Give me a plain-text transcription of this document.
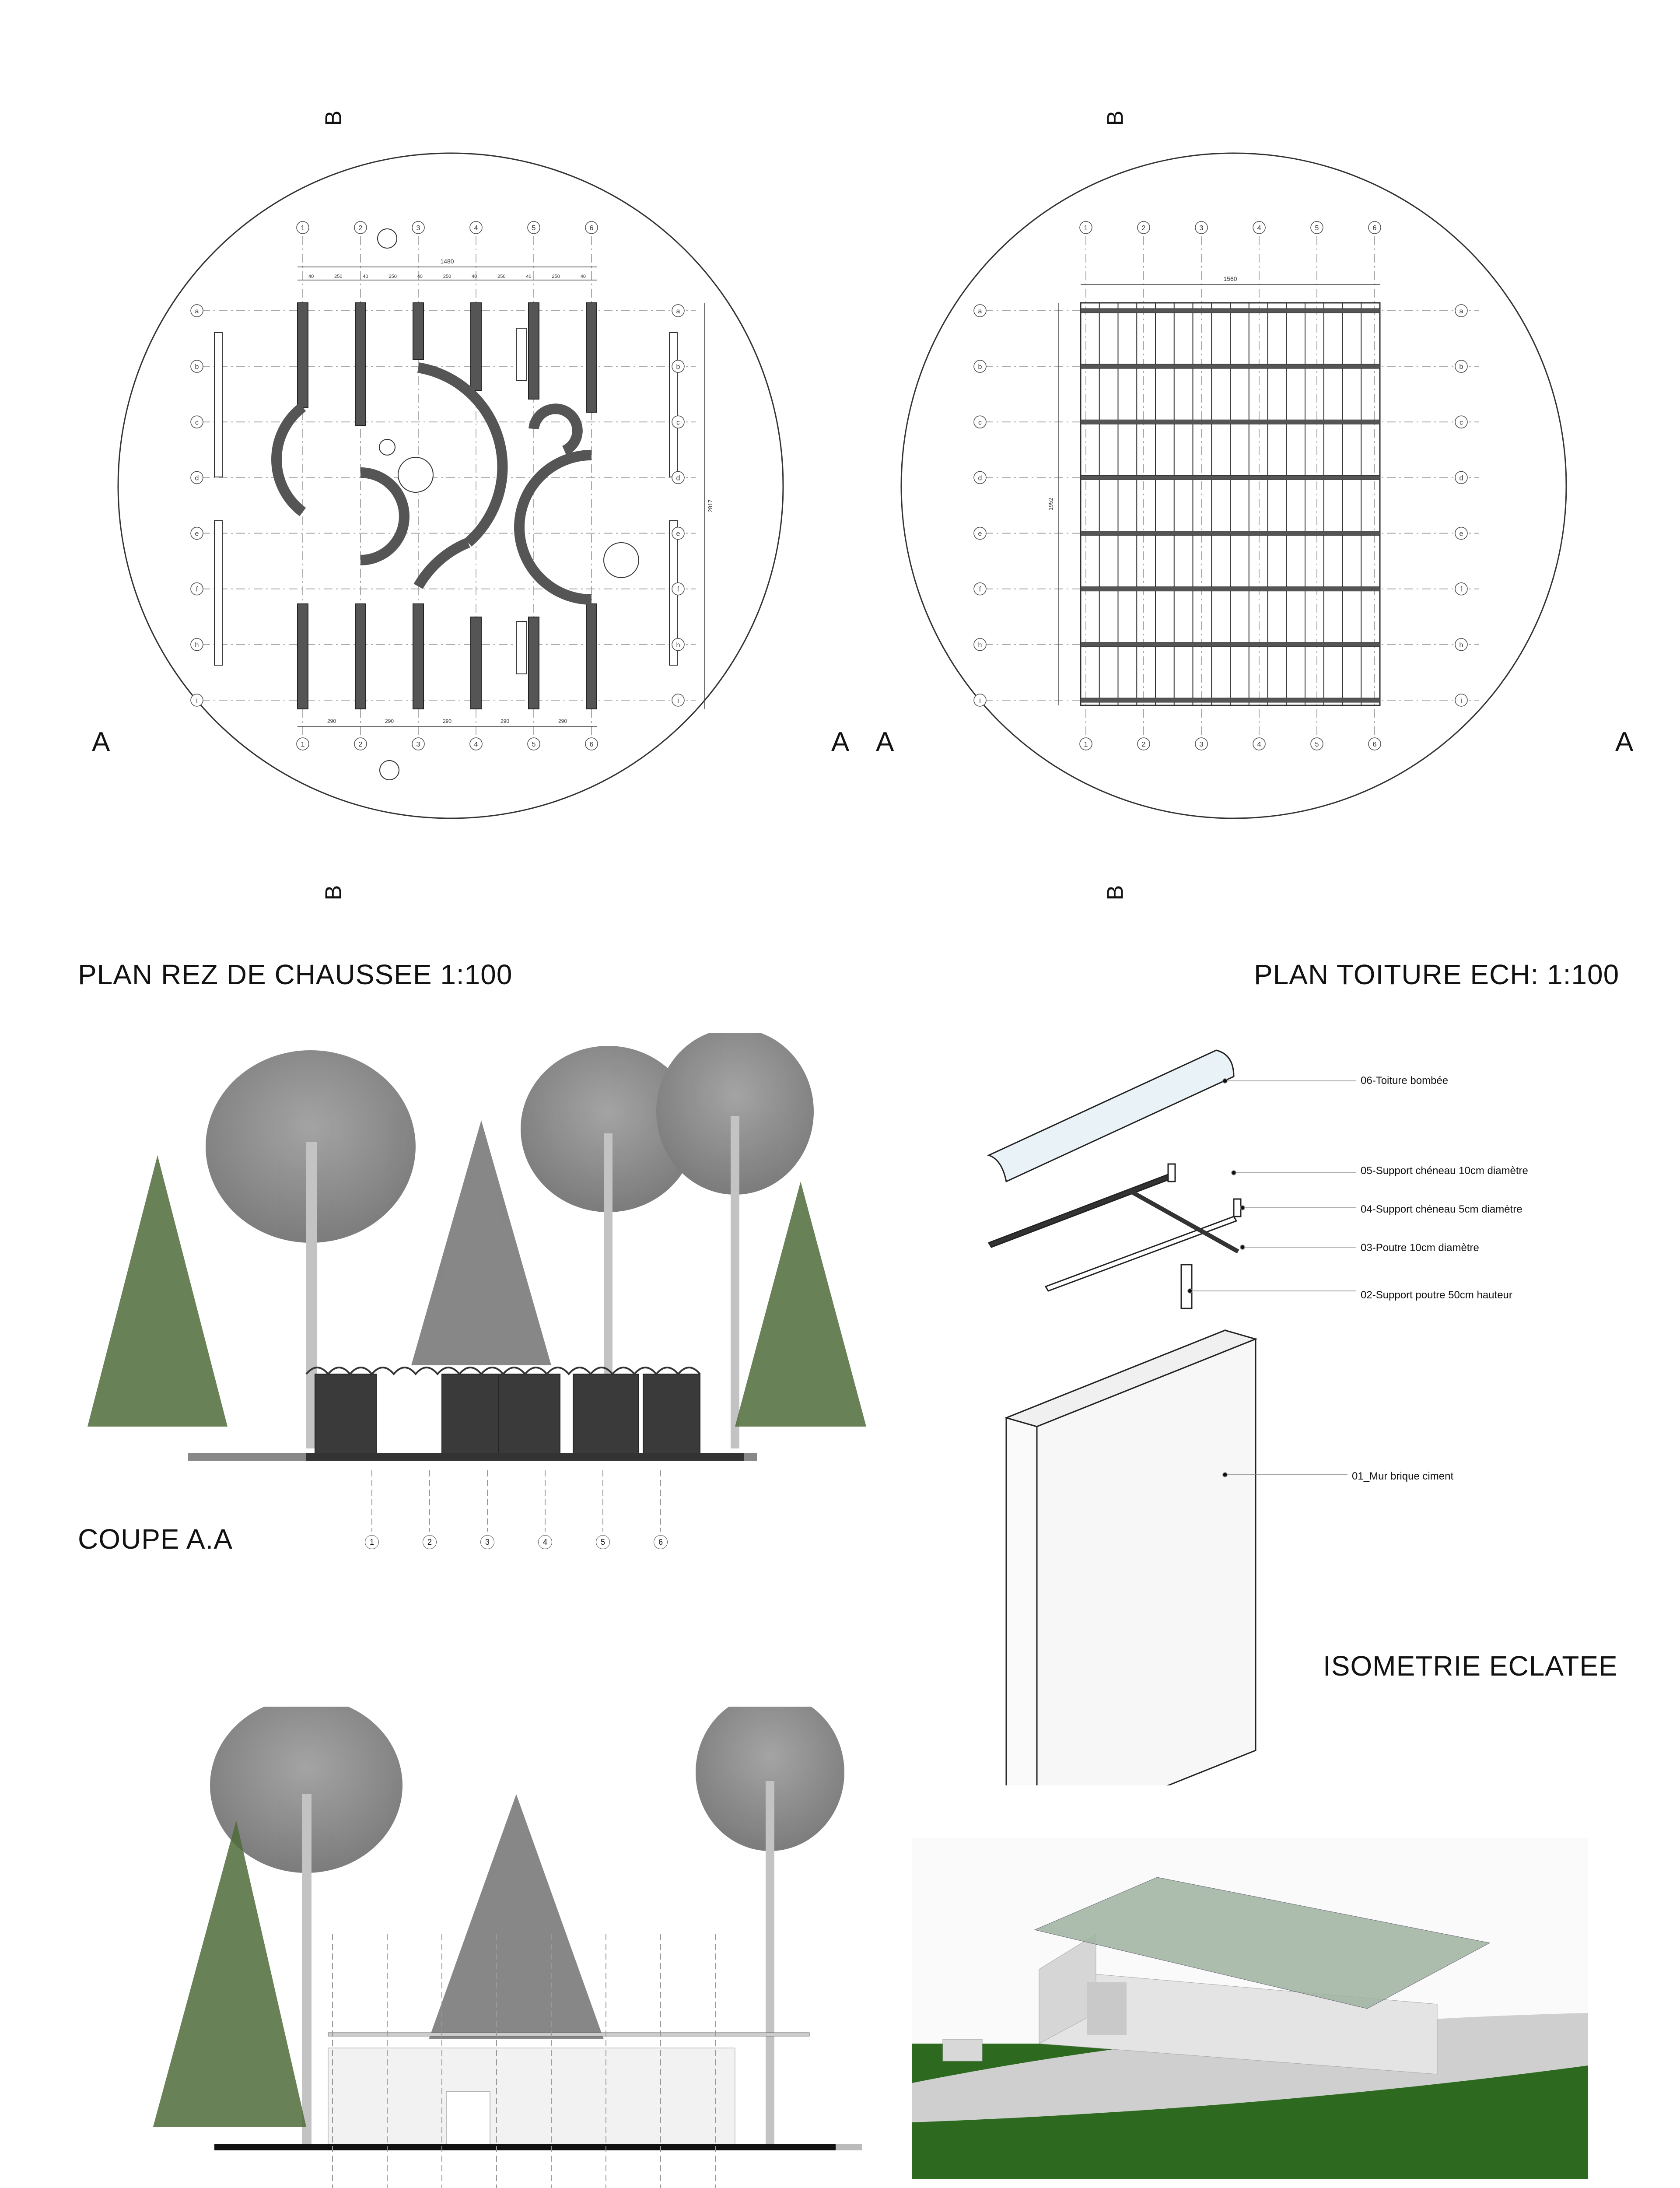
1
1
2
2
3
3
4
4
5
5
6
6
a	a
b	b
c	c
d	d
e	e
f	f
h	h
i	i
1480
40	250	40	250	40	250	40	250	40	250	40
290	290	290	290	290
2817
A	A
B
B
PLAN REZ DE CHAUSSEE 1:100
1
1
2
2
3
3
4
4
5
5
6
6
a	a
b	b
c	c
d	d
e	e
f	f
h	h
i	i
1560
1952
A	A
B
B
PLAN TOITURE ECH: 1:100
1	2	3	4	5	6
COUPE A.A
06-Toiture bombée
05-Support chéneau 10cm diamètre
04-Support chéneau 5cm diamètre
03-Poutre 10cm diamètre
02-Support poutre 50cm hauteur
01_Mur brique ciment
ISOMETRIE ECLATEE
